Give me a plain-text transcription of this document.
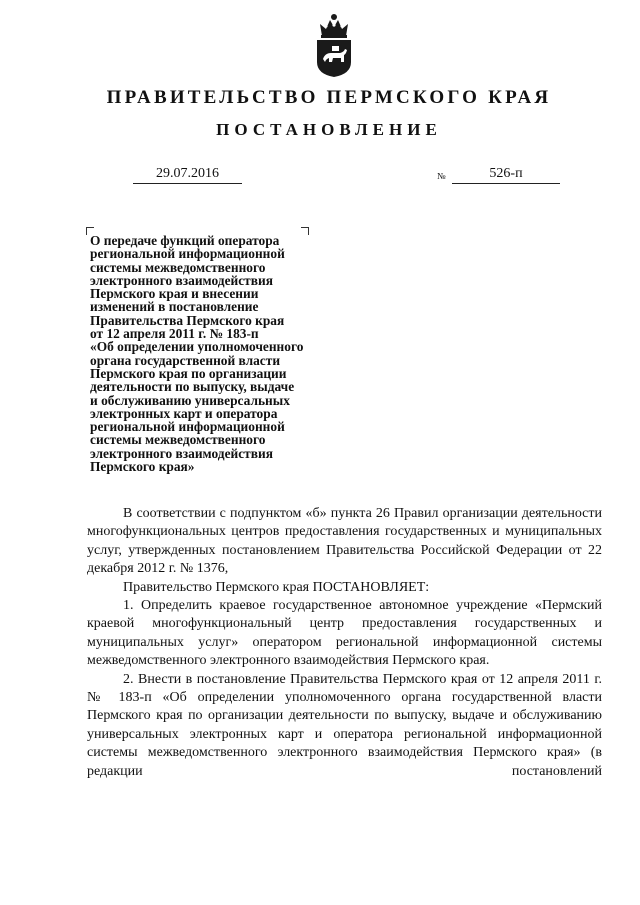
ПРАВИТЕЛЬСТВО ПЕРМСКОГО КРАЯ
ПОСТАНОВЛЕНИЕ
29.07.2016	№	526-п

О передаче функций оператора
региональной информационной
системы межведомственного
электронного взаимодействия
Пермского края и внесении
изменений в постановление
Правительства Пермского края
от 12 апреля 2011 г. № 183-п
«Об определении уполномоченного
органа государственной власти
Пермского края по организации
деятельности по выпуску, выдаче
и обслуживанию универсальных
электронных карт и оператора
региональной информационной
системы межведомственного
электронного взаимодействия
Пермского края»

В соответствии с подпунктом «б» пункта 26 Правил организации деятельности многофункциональных центров предоставления государственных и муниципальных услуг, утвержденных постановлением Правительства Российской Федерации от 22 декабря 2012 г. № 1376,

Правительство Пермского края ПОСТАНОВЛЯЕТ:

1. Определить краевое государственное автономное учреждение «Пермский краевой многофункциональный центр предоставления государственных и муниципальных услуг» оператором региональной информационной системы межведомственного электронного взаимодействия Пермского края.

2. Внести в постановление Правительства Пермского края от 12 апреля 2011 г. № 183-п «Об определении уполномоченного органа государственной власти Пермского края по организации деятельности по выпуску, выдаче и обслуживанию универсальных электронных карт и оператора региональной информационной системы межведомственного электронного взаимодействия Пермского края» (в редакции постановлений
